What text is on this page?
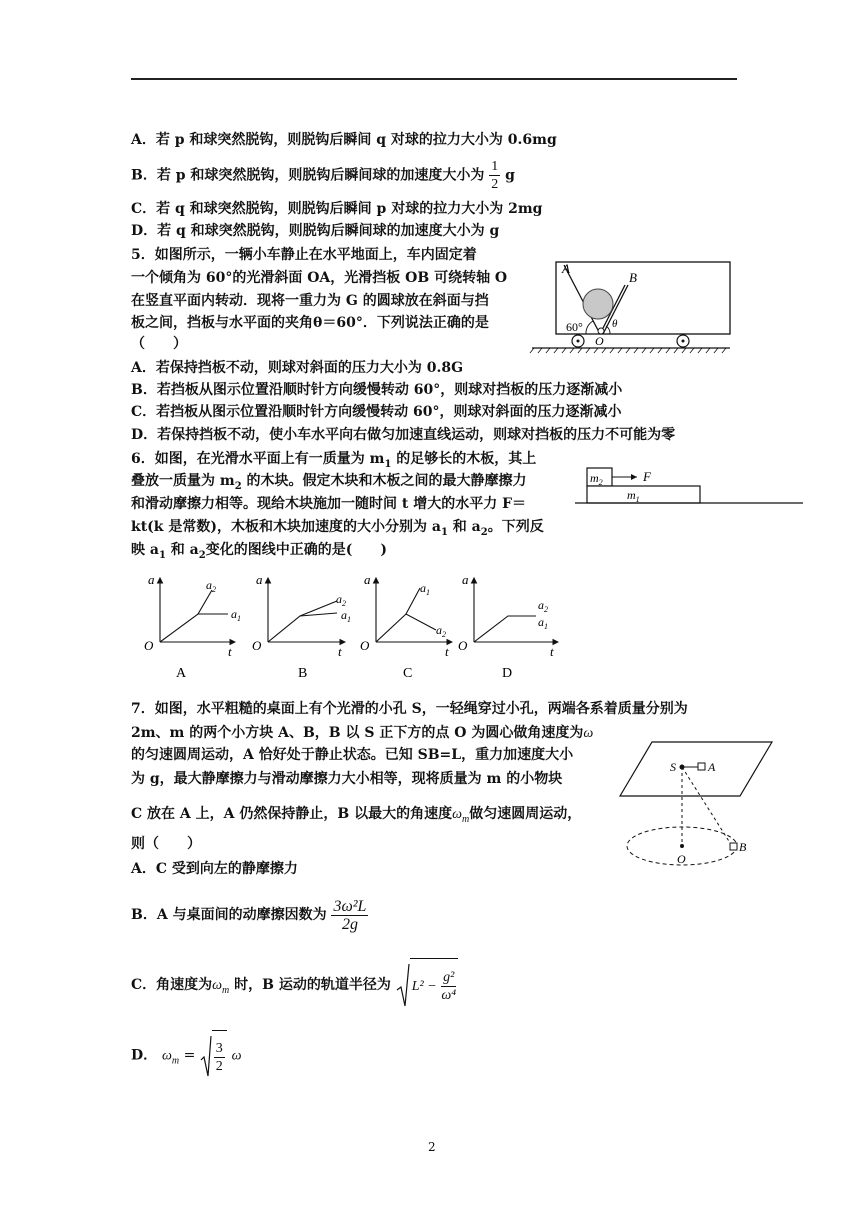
A．若 p 和球突然脱钩，则脱钩后瞬间 q 对球的拉力大小为 0.6mg
B．若 p 和球突然脱钩，则脱钩后瞬间球的加速度大小为 $\frac{1}{2}$ g
C．若 q 和球突然脱钩，则脱钩后瞬间 p 对球的拉力大小为 2mg
D．若 q 和球突然脱钩，则脱钩后瞬间球的加速度大小为 g
5．如图所示，一辆小车静止在水平地面上，车内固定着
一个倾角为 60°的光滑斜面 OA，光滑挡板 OB 可绕转轴 O
在竖直平面内转动．现将一重力为 G 的圆球放在斜面与挡
板之间，挡板与水平面的夹角θ＝60°．下列说法正确的是
（　　）
A．若保持挡板不动，则球对斜面的压力大小为 0.8G
B．若挡板从图示位置沿顺时针方向缓慢转动 60°，则球对挡板的压力逐渐减小
C．若挡板从图示位置沿顺时针方向缓慢转动 60°，则球对斜面的压力逐渐减小
D．若保持挡板不动，使小车水平向右做匀加速直线运动，则球对挡板的压力不可能为零
A
B
O
60°	θ
6．如图，在光滑水平面上有一质量为 $m_1$ 的足够长的木板，其上
叠放一质量为 $m_2$ 的木块。假定木块和木板之间的最大静摩擦力
和滑动摩擦力相等。现给木块施加一随时间 t 增大的水平力 F＝
kt(k 是常数)，木板和木块加速度的大小分别为 $a_1$ 和 $a_2$。下列反
映 $a_1$ 和 $a_2$变化的图线中正确的是(　　)
$m_2$
$m_1$
F
a
t
O
$a_2$
$a_1$
A
a
t
O
$a_2$
$a_1$
B
a
t
O
$a_1$
$a_2$
C
a
t
O
$a_2$
$a_1$
D
7．如图，水平粗糙的桌面上有个光滑的小孔 S，一轻绳穿过小孔，两端各系着质量分别为
2m、m 的两个小方块 A、B，B 以 S 正下方的点 O 为圆心做角速度为ω
的匀速圆周运动，A 恰好处于静止状态。已知 SB=L，重力加速度大小
为 g，最大静摩擦力与滑动摩擦力大小相等，现将质量为 m 的小物块
C 放在 A 上，A 仍然保持静止，B 以最大的角速度$\omega_m$做匀速圆周运动，
则（　　）
A．C 受到向左的静摩擦力
B．A 与桌面间的动摩擦因数为 $\frac{\text{3ω²L}}{2g}$
C．角速度为$\omega_m$ 时，B 运动的轨道半径为 $L^2 - \frac{\text{g²}}{\text{ω⁴}}$
D． $\omega_m = \frac{3}{2}$ ω
S	A
B
O
2
